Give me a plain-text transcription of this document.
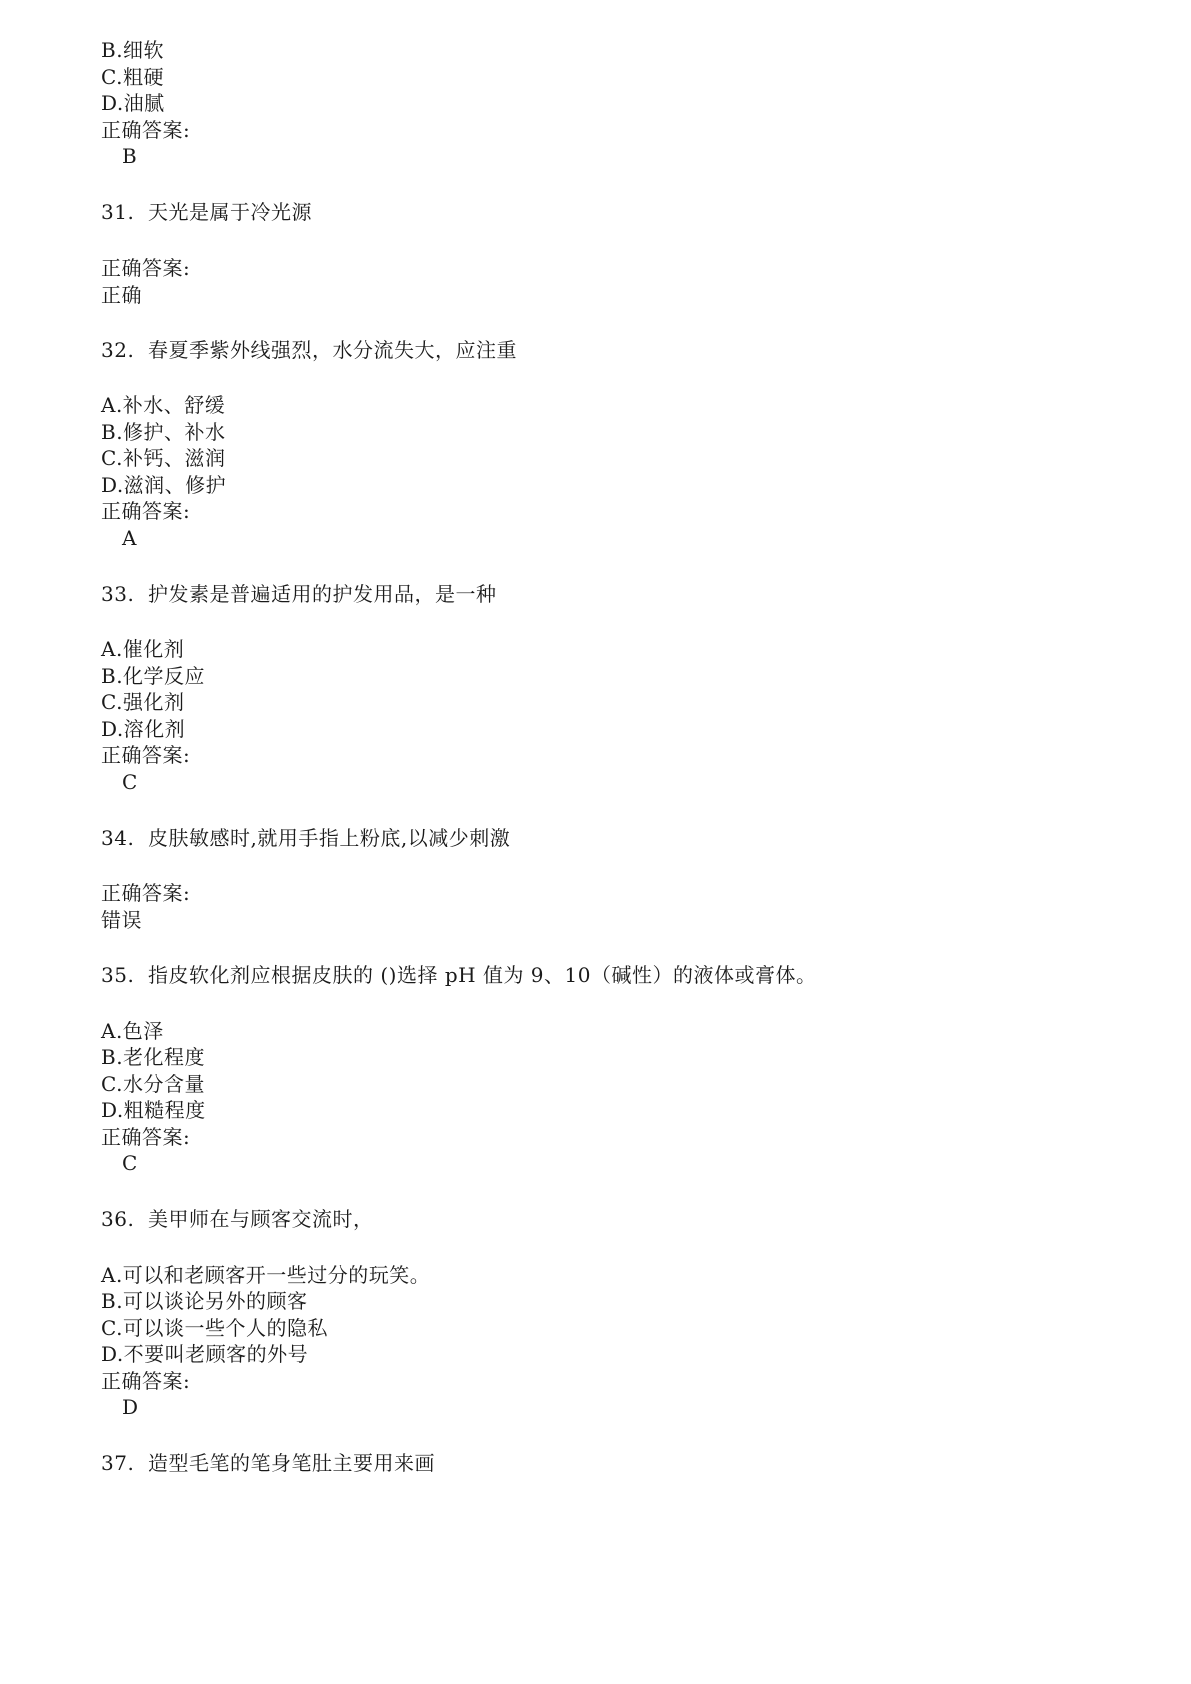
B.细软
C.粗硬
D.油腻
正确答案:
B
31.  天光是属于冷光源
正确答案:
正确
32.  春夏季紫外线强烈，水分流失大，应注重
A.补水、舒缓
B.修护、补水
C.补钙、滋润
D.滋润、修护
正确答案:
A
33.  护发素是普遍适用的护发用品，是一种
A.催化剂
B.化学反应
C.强化剂
D.溶化剂
正确答案:
C
34.  皮肤敏感时,就用手指上粉底,以减少刺激
正确答案:
错误
35.  指皮软化剂应根据皮肤的 ()选择 pH 值为 9、10（碱性）的液体或膏体。
A.色泽
B.老化程度
C.水分含量
D.粗糙程度
正确答案:
C
36.  美甲师在与顾客交流时，
A.可以和老顾客开一些过分的玩笑。
B.可以谈论另外的顾客
C.可以谈一些个人的隐私
D.不要叫老顾客的外号
正确答案:
D
37.  造型毛笔的笔身笔肚主要用来画
